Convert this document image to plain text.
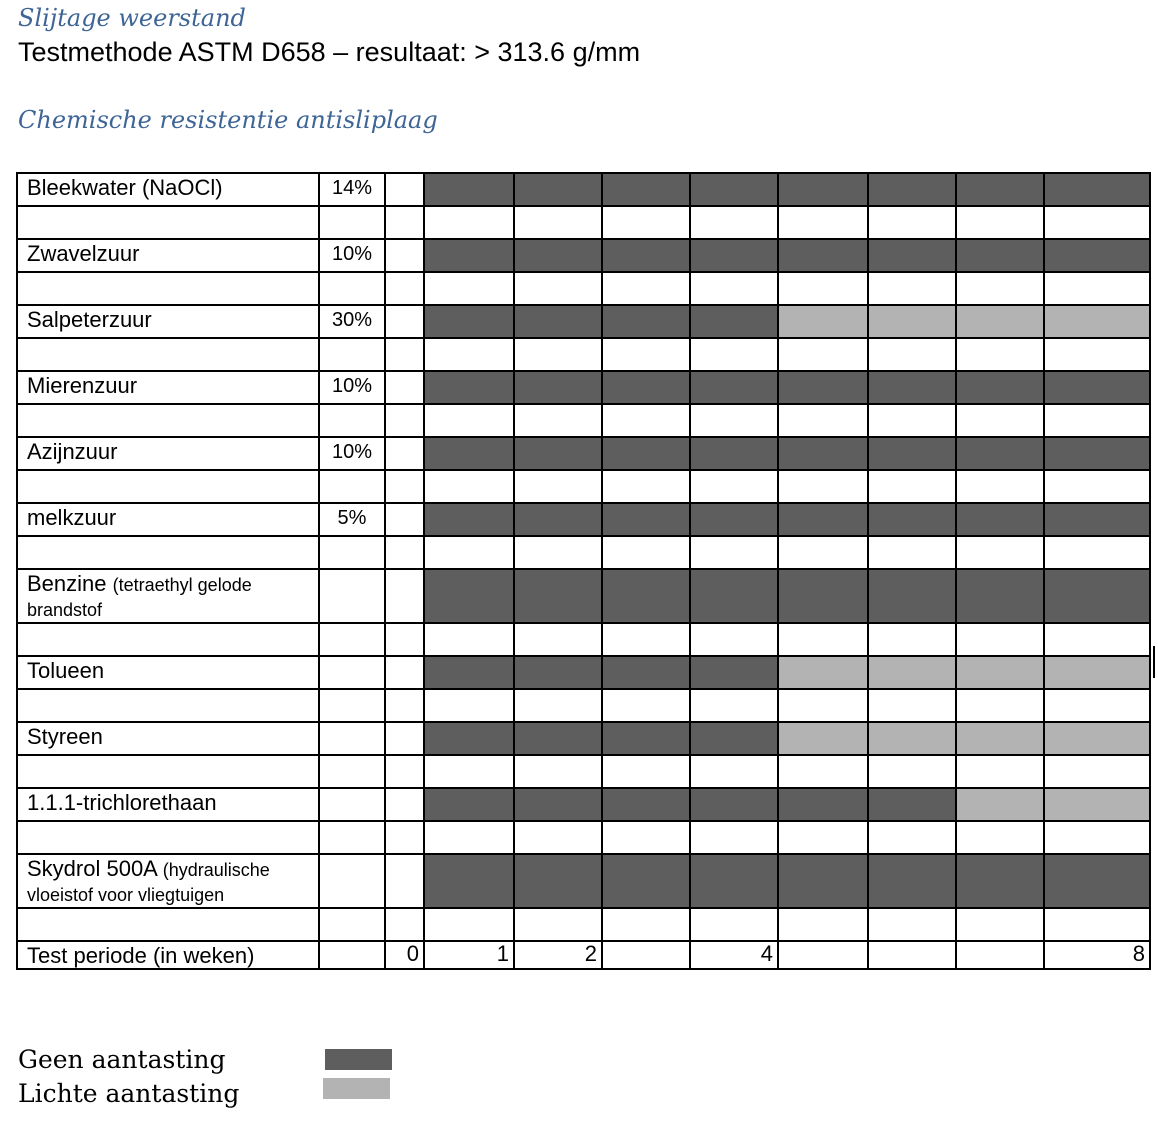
Slijtage weerstand
Testmethode ASTM D658 – resultaat: > 313.6 g/mm
Chemische resistentie antisliplaag
Bleekwater (NaOCl)	14%									

Zwavelzuur	10%									

Salpeterzuur	30%									

Mierenzuur	10%									

Azijnzuur	10%									

melkzuur	5%									

Benzine (tetraethyl gelode brandstof										

Tolueen										

Styreen										

1.1.1-trichlorethaan										

Skydrol 500A (hydraulische vloeistof voor vliegtuigen										

Test periode (in weken)		0	1	2		4				8
Geen aantasting
Lichte aantasting
